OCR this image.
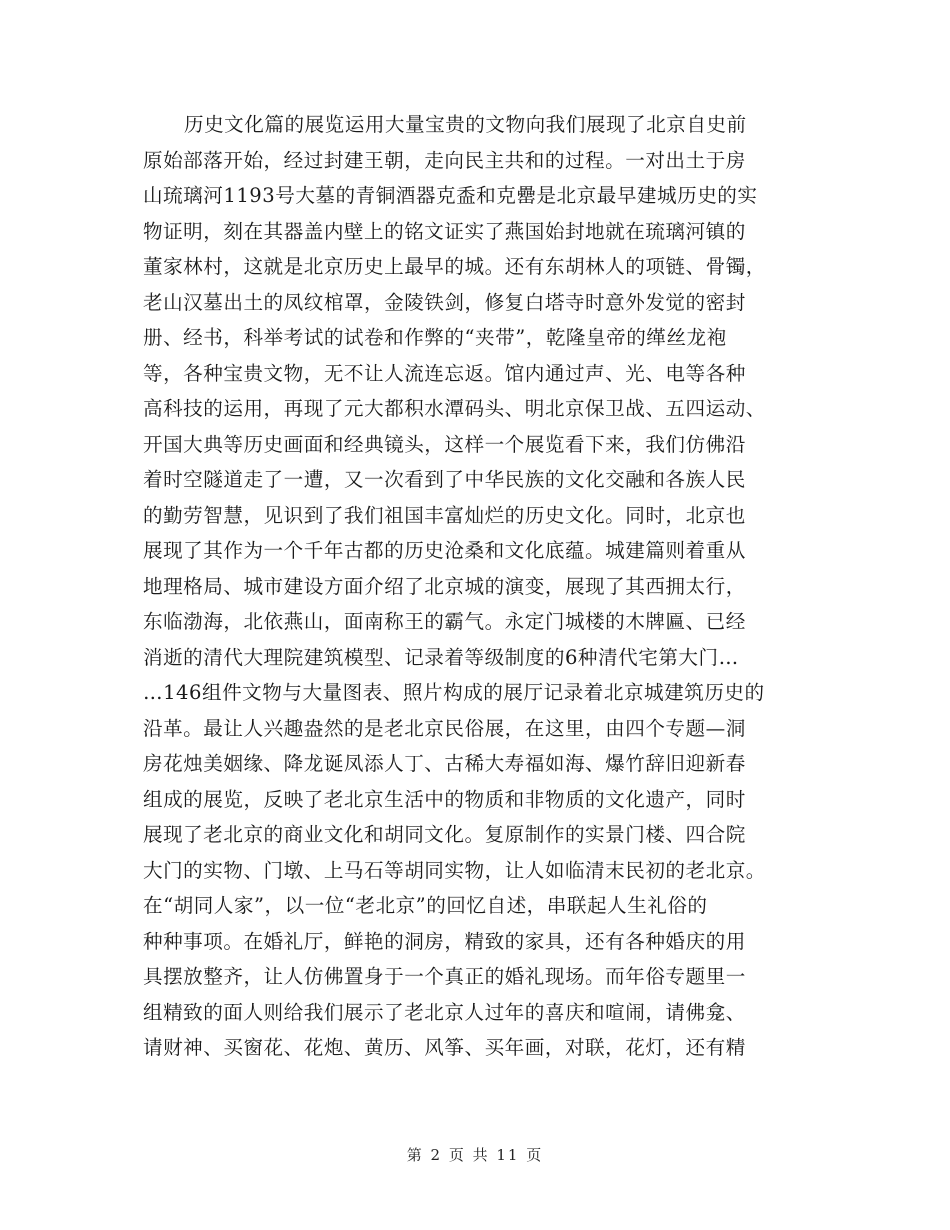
历史文化篇的展览运用大量宝贵的文物向我们展现了北京自史前
原始部落开始，经过封建王朝，走向民主共和的过程。一对出土于房
山琉璃河1193号大墓的青铜酒器克盉和克罍是北京最早建城历史的实
物证明，刻在其器盖内壁上的铭文证实了燕国始封地就在琉璃河镇的
董家林村，这就是北京历史上最早的城。还有东胡林人的项链、骨镯，
老山汉墓出土的凤纹棺罩，金陵铁剑，修复白塔寺时意外发觉的密封
册、经书，科举考试的试卷和作弊的“夹带”，乾隆皇帝的缂丝龙袍
等，各种宝贵文物，无不让人流连忘返。馆内通过声、光、电等各种
高科技的运用，再现了元大都积水潭码头、明北京保卫战、五四运动、
开国大典等历史画面和经典镜头，这样一个展览看下来，我们仿佛沿
着时空隧道走了一遭，又一次看到了中华民族的文化交融和各族人民
的勤劳智慧，见识到了我们祖国丰富灿烂的历史文化。同时，北京也
展现了其作为一个千年古都的历史沧桑和文化底蕴。城建篇则着重从
地理格局、城市建设方面介绍了北京城的演变，展现了其西拥太行，
东临渤海，北依燕山，面南称王的霸气。永定门城楼的木牌匾、已经
消逝的清代大理院建筑模型、记录着等级制度的6种清代宅第大门…
…146组件文物与大量图表、照片构成的展厅记录着北京城建筑历史的
沿革。最让人兴趣盎然的是老北京民俗展，在这里，由四个专题—洞
房花烛美姻缘、降龙诞凤添人丁、古稀大寿福如海、爆竹辞旧迎新春
组成的展览，反映了老北京生活中的物质和非物质的文化遗产，同时
展现了老北京的商业文化和胡同文化。复原制作的实景门楼、四合院
大门的实物、门墩、上马石等胡同实物，让人如临清末民初的老北京。
在“胡同人家”，以一位“老北京”的回忆自述，串联起人生礼俗的
种种事项。在婚礼厅，鲜艳的洞房，精致的家具，还有各种婚庆的用
具摆放整齐，让人仿佛置身于一个真正的婚礼现场。而年俗专题里一
组精致的面人则给我们展示了老北京人过年的喜庆和喧闹，请佛龛、
请财神、买窗花、花炮、黄历、风筝、买年画，对联，花灯，还有精
第 2 页 共 11 页
